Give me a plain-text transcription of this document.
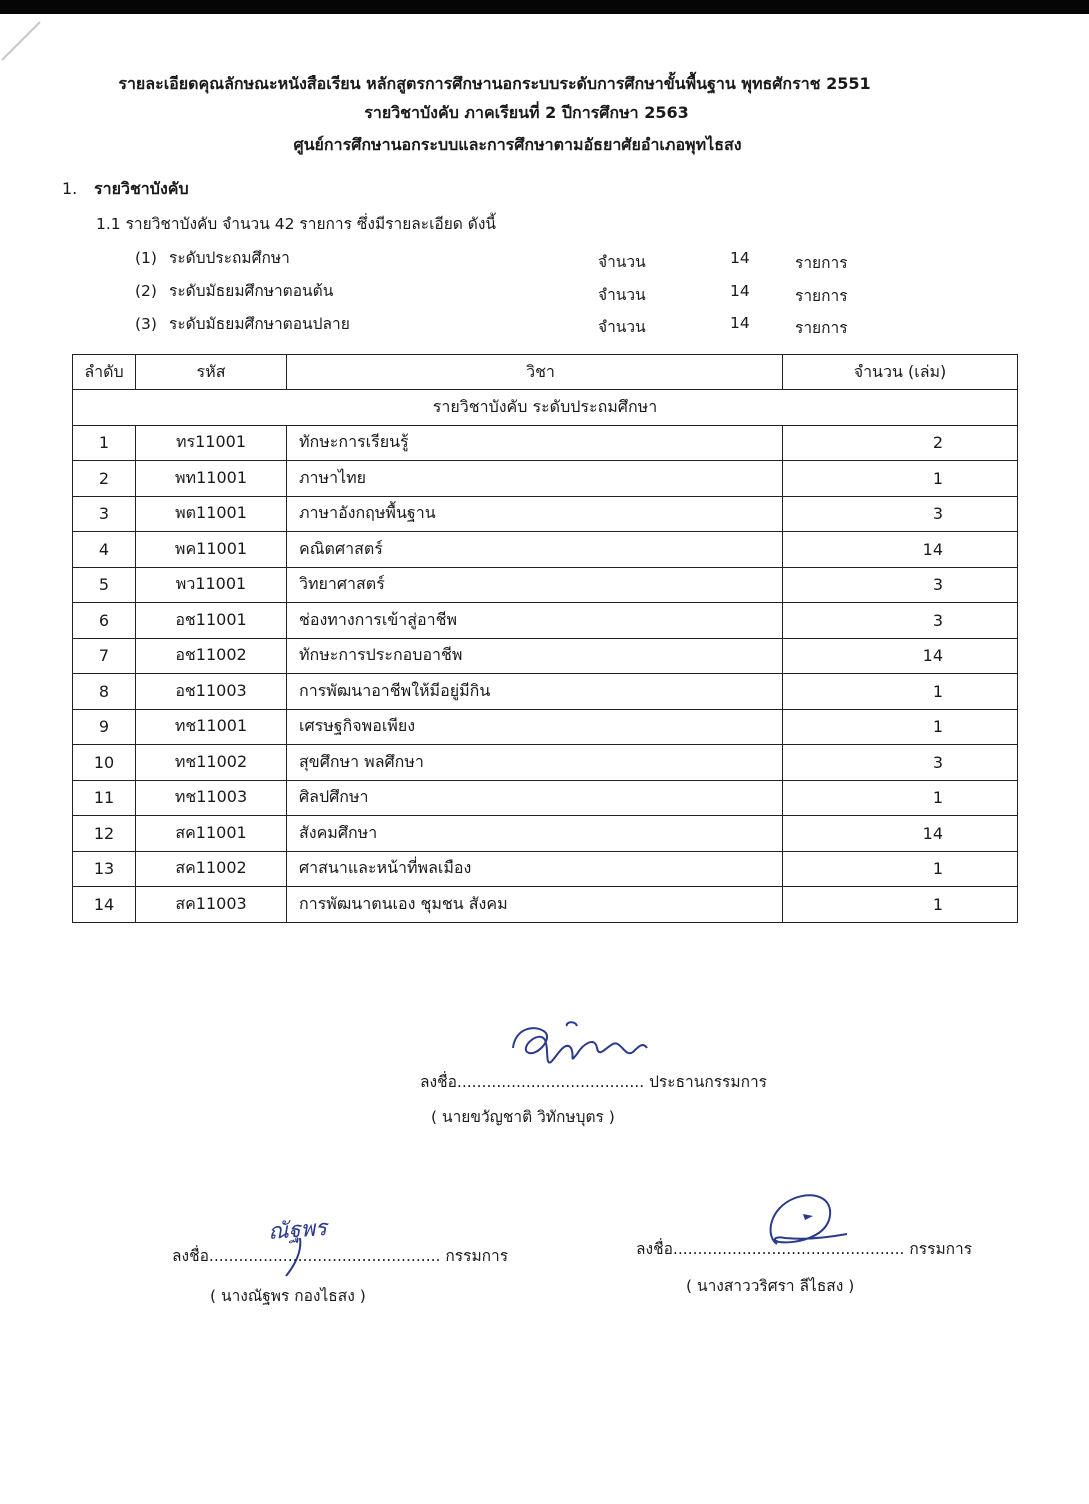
รายละเอียดคุณลักษณะหนังสือเรียน หลักสูตรการศึกษานอกระบบระดับการศึกษาขั้นพื้นฐาน พุทธศักราช 2551
รายวิชาบังคับ ภาคเรียนที่ 2 ปีการศึกษา 2563
ศูนย์การศึกษานอกระบบและการศึกษาตามอัธยาศัยอำเภอพุทไธสง
1. รายวิชาบังคับ
1.1 รายวิชาบังคับ จำนวน 42 รายการ ซึ่งมีรายละเอียด ดังนี้
(1) ระดับประถมศึกษา	จำนวน	14	รายการ
(2) ระดับมัธยมศึกษาตอนต้น	จำนวน	14	รายการ
(3) ระดับมัธยมศึกษาตอนปลาย	จำนวน	14	รายการ
ลำดับ	รหัส	วิชา	จำนวน (เล่ม)
รายวิชาบังคับ ระดับประถมศึกษา			
1	ทร11001	ทักษะการเรียนรู้	2
2	พท11001	ภาษาไทย	1
3	พต11001	ภาษาอังกฤษพื้นฐาน	3
4	พค11001	คณิตศาสตร์	14
5	พว11001	วิทยาศาสตร์	3
6	อช11001	ช่องทางการเข้าสู่อาชีพ	3
7	อช11002	ทักษะการประกอบอาชีพ	14
8	อช11003	การพัฒนาอาชีพให้มีอยู่มีกิน	1
9	ทช11001	เศรษฐกิจพอเพียง	1
10	ทช11002	สุขศึกษา พลศึกษา	3
11	ทช11003	ศิลปศึกษา	1
12	สค11001	สังคมศึกษา	14
13	สค11002	ศาสนาและหน้าที่พลเมือง	1
14	สค11003	การพัฒนาตนเอง ชุมชน สังคม	1
ลงชื่อ...................................... ประธานกรรมการ
( นายขวัญชาติ วิทักษบุตร )
ณัฐพร
ลงชื่อ............................................... กรรมการ
( นางณัฐพร กองไธสง )
ลงชื่อ............................................... กรรมการ
( นางสาววริศรา ลีไธสง )
